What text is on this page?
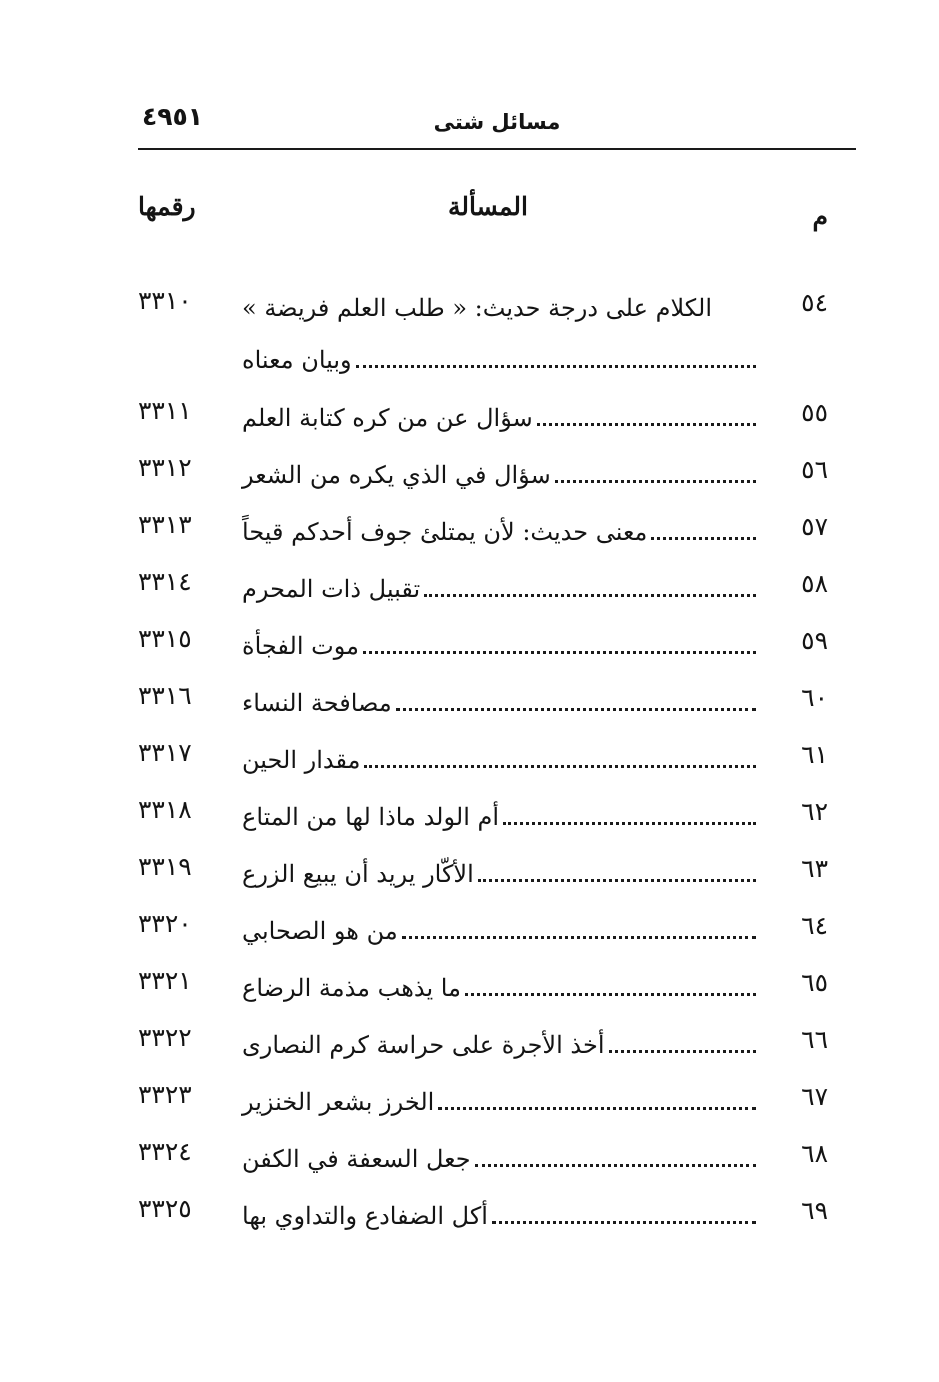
مسائل شتى
٤٩٥١
م
المسألة
رقمها
٥٤
الكلام على درجة حديث: « طلب العلم فريضة »
وبيان معناه
٣٣١٠
٥٥
سؤال عن من كره كتابة العلم
٣٣١١
٥٦
سؤال في الذي يكره من الشعر
٣٣١٢
٥٧
معنى حديث: لأن يمتلئ جوف أحدكم قيحاً
٣٣١٣
٥٨
تقبيل ذات المحرم
٣٣١٤
٥٩
موت الفجأة
٣٣١٥
٦٠
مصافحة النساء
٣٣١٦
٦١
مقدار الحين
٣٣١٧
٦٢
أم الولد ماذا لها من المتاع
٣٣١٨
٦٣
الأكّار يريد أن يبيع الزرع
٣٣١٩
٦٤
من هو الصحابي
٣٣٢٠
٦٥
ما يذهب مذمة الرضاع
٣٣٢١
٦٦
أخذ الأجرة على حراسة كرم النصارى
٣٣٢٢
٦٧
الخرز بشعر الخنزير
٣٣٢٣
٦٨
جعل السعفة في الكفن
٣٣٢٤
٦٩
أكل الضفادع والتداوي بها
٣٣٢٥
